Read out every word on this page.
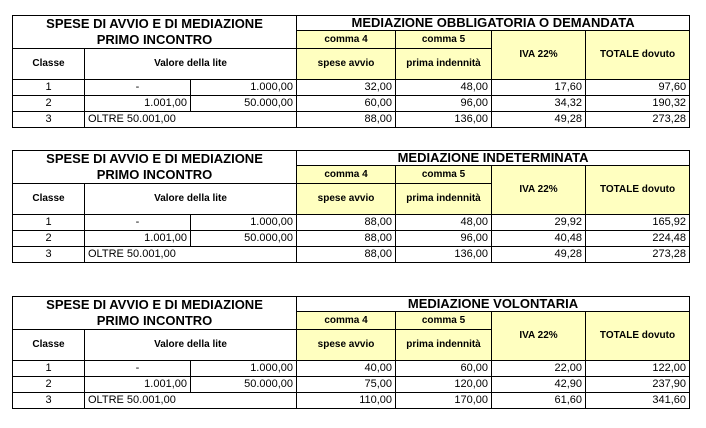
SPESE DI AVVIO E DI MEDIAZIONE
PRIMO INCONTRO			MEDIAZIONE OBBLIGATORIA O DEMANDATA			
			comma 4	comma 5	IVA 22%	TOTALE dovuto
			spese avvio	prima indennità		
Classe	Valore della lite					
1	-	1.000,00	32,00	48,00	17,60	97,60
2	1.001,00	50.000,00	60,00	96,00	34,32	190,32
3	OLTRE 50.001,00		88,00	136,00	49,28	273,28
SPESE DI AVVIO E DI MEDIAZIONE
PRIMO INCONTRO			MEDIAZIONE INDETERMINATA			
			comma 4	comma 5	IVA 22%	TOTALE dovuto
			spese avvio	prima indennità		
Classe	Valore della lite					
1	-	1.000,00	88,00	48,00	29,92	165,92
2	1.001,00	50.000,00	88,00	96,00	40,48	224,48
3	OLTRE 50.001,00		88,00	136,00	49,28	273,28
SPESE DI AVVIO E DI MEDIAZIONE
PRIMO INCONTRO			MEDIAZIONE VOLONTARIA			
			comma 4	comma 5	IVA 22%	TOTALE dovuto
			spese avvio	prima indennità		
Classe	Valore della lite					
1	-	1.000,00	40,00	60,00	22,00	122,00
2	1.001,00	50.000,00	75,00	120,00	42,90	237,90
3	OLTRE 50.001,00		110,00	170,00	61,60	341,60
